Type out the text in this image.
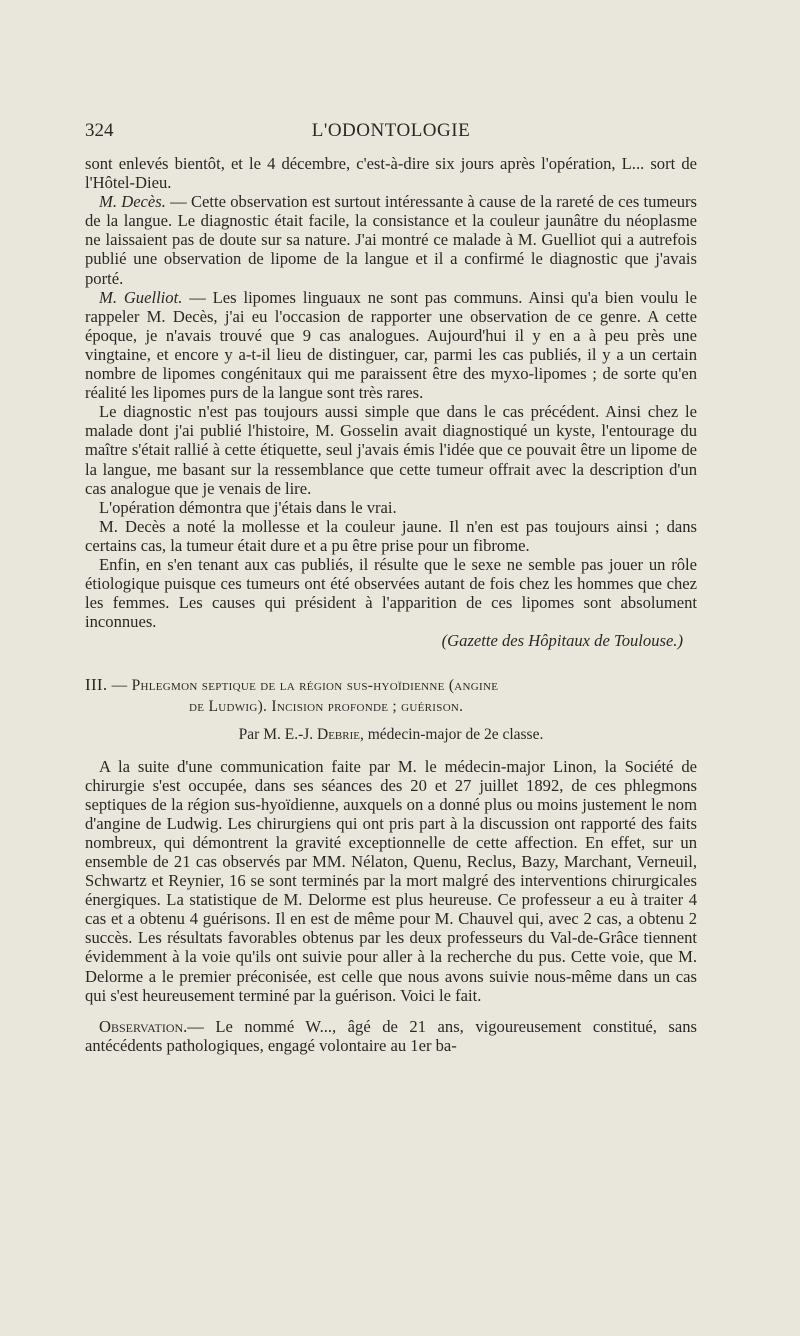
324	L'ODONTOLOGIE

sont enlevés bientôt, et le 4 décembre, c'est-à-dire six jours après l'opération, L... sort de l'Hôtel-Dieu.

M. Decès. — Cette observation est surtout intéressante à cause de la rareté de ces tumeurs de la langue. Le diagnostic était facile, la consistance et la couleur jaunâtre du néoplasme ne laissaient pas de doute sur sa nature. J'ai montré ce malade à M. Guelliot qui a autrefois publié une observation de lipome de la langue et il a confirmé le diagnostic que j'avais porté.

M. Guelliot. — Les lipomes linguaux ne sont pas communs. Ainsi qu'a bien voulu le rappeler M. Decès, j'ai eu l'occasion de rapporter une observation de ce genre. A cette époque, je n'avais trouvé que 9 cas analogues. Aujourd'hui il y en a à peu près une vingtaine, et encore y a-t-il lieu de distinguer, car, parmi les cas publiés, il y a un certain nombre de lipomes congénitaux qui me paraissent être des myxo-lipomes ; de sorte qu'en réalité les lipomes purs de la langue sont très rares.

Le diagnostic n'est pas toujours aussi simple que dans le cas précédent. Ainsi chez le malade dont j'ai publié l'histoire, M. Gosselin avait diagnostiqué un kyste, l'entourage du maître s'était rallié à cette étiquette, seul j'avais émis l'idée que ce pouvait être un lipome de la langue, me basant sur la ressemblance que cette tumeur offrait avec la description d'un cas analogue que je venais de lire.

L'opération démontra que j'étais dans le vrai.

M. Decès a noté la mollesse et la couleur jaune. Il n'en est pas toujours ainsi ; dans certains cas, la tumeur était dure et a pu être prise pour un fibrome.

Enfin, en s'en tenant aux cas publiés, il résulte que le sexe ne semble pas jouer un rôle étiologique puisque ces tumeurs ont été observées autant de fois chez les hommes que chez les femmes. Les causes qui président à l'apparition de ces lipomes sont absolument inconnues.

(Gazette des Hôpitaux de Toulouse.)

III. — Phlegmon septique de la région sus-hyoïdienne (angine
de Ludwig). Incision profonde ; guérison.
Par M. E.-J. Debrie, médecin-major de 2e classe.

A la suite d'une communication faite par M. le médecin-major Linon, la Société de chirurgie s'est occupée, dans ses séances des 20 et 27 juillet 1892, de ces phlegmons septiques de la région sus-hyoïdienne, auxquels on a donné plus ou moins justement le nom d'angine de Ludwig. Les chirurgiens qui ont pris part à la discussion ont rapporté des faits nombreux, qui démontrent la gravité exceptionnelle de cette affection. En effet, sur un ensemble de 21 cas observés par MM. Nélaton, Quenu, Reclus, Bazy, Marchant, Verneuil, Schwartz et Reynier, 16 se sont terminés par la mort malgré des interventions chirurgicales énergiques. La statistique de M. Delorme est plus heureuse. Ce professeur a eu à traiter 4 cas et a obtenu 4 guérisons. Il en est de même pour M. Chauvel qui, avec 2 cas, a obtenu 2 succès. Les résultats favorables obtenus par les deux professeurs du Val-de-Grâce tiennent évidemment à la voie qu'ils ont suivie pour aller à la recherche du pus. Cette voie, que M. Delorme a le premier préconisée, est celle que nous avons suivie nous-même dans un cas qui s'est heureusement terminé par la guérison. Voici le fait.

Observation.— Le nommé W..., âgé de 21 ans, vigoureusement constitué, sans antécédents pathologiques, engagé volontaire au 1er ba-
